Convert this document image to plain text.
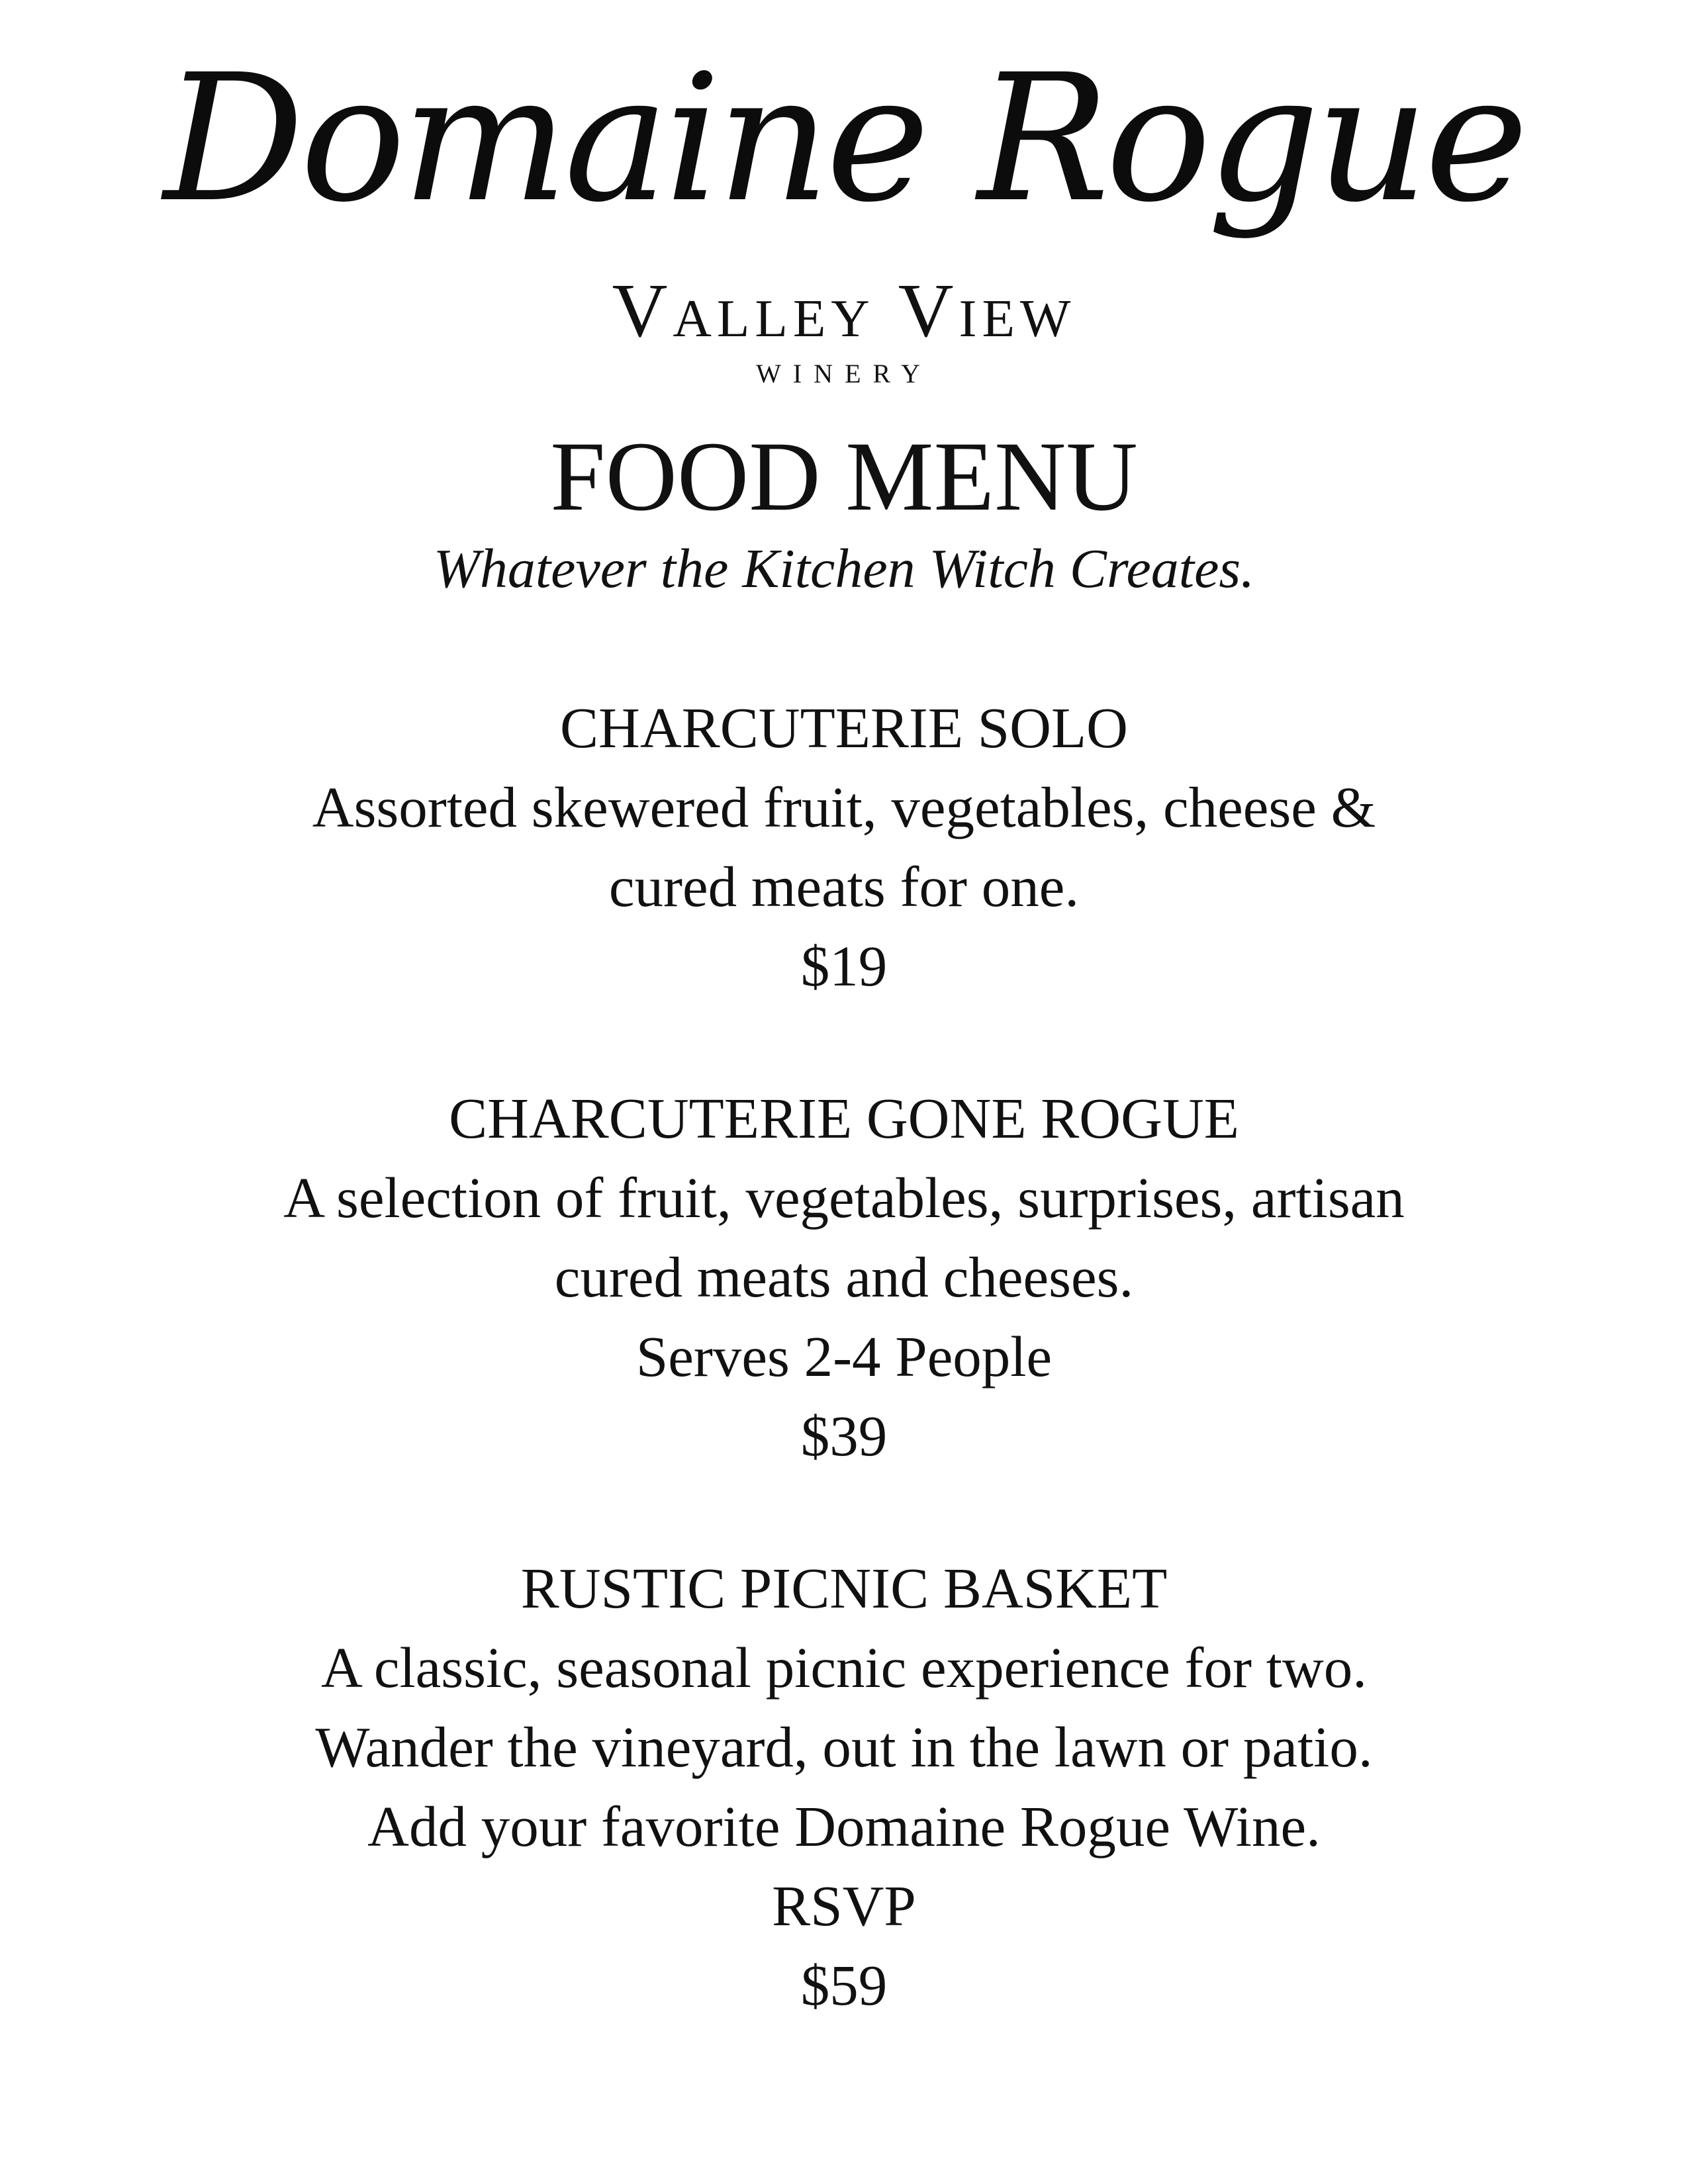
Domaine Rogue
Valley View
WINERY
FOOD MENU
Whatever the Kitchen Witch Creates.
CHARCUTERIE SOLO
Assorted skewered fruit, vegetables, cheese &
cured meats for one.
$19
CHARCUTERIE GONE ROGUE
A selection of fruit, vegetables, surprises, artisan
cured meats and cheeses.
Serves 2-4 People
$39
RUSTIC PICNIC BASKET
A classic, seasonal picnic experience for two.
Wander the vineyard, out in the lawn or patio.
Add your favorite Domaine Rogue Wine.
RSVP
$59
